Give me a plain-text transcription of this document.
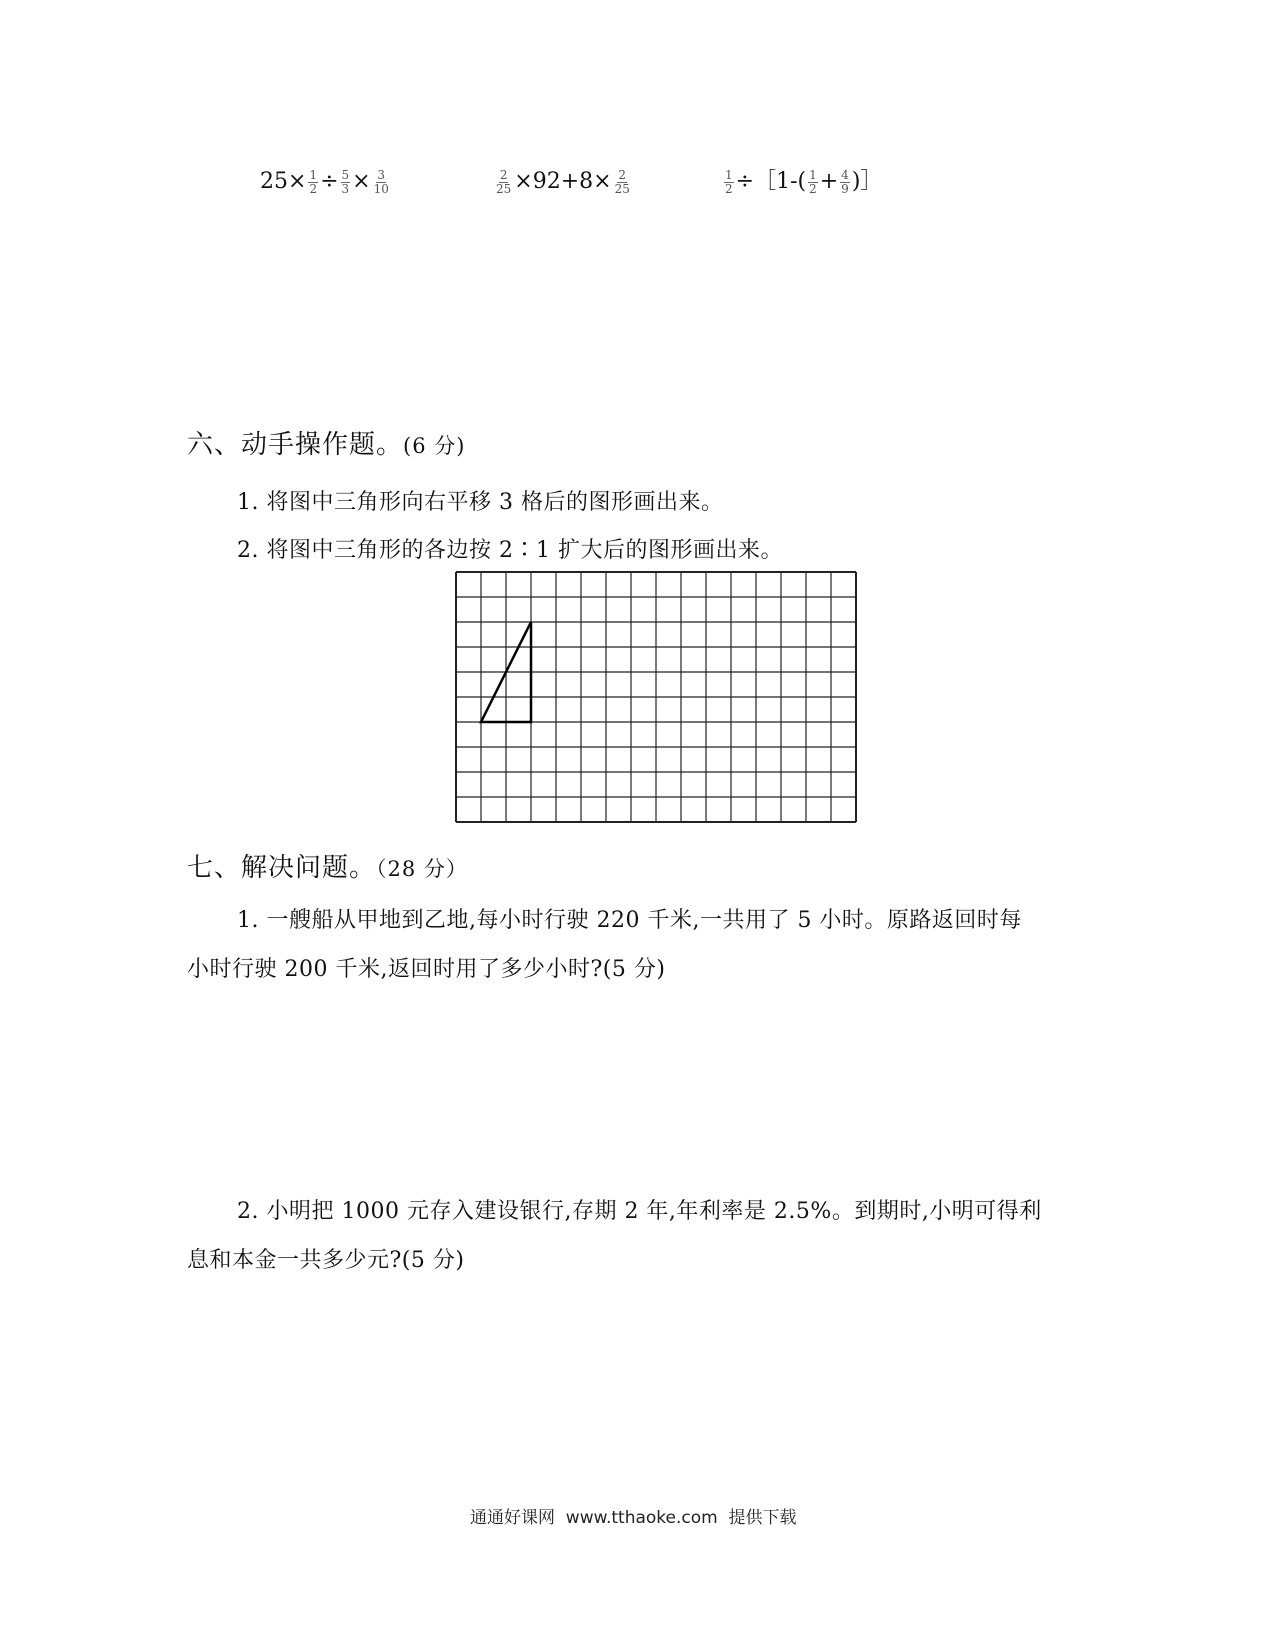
$25\times \frac{1}{2} \div \frac{5}{3} \times \frac{3}{10}$	$\frac{2}{25} \times 92+8\times \frac{2}{25}$	$\frac{1}{2}$ ÷［1-( $\frac{1}{2} + \frac{4}{9}$ )］
六、动手操作题。(6 分)
1. 将图中三角形向右平移 3 格后的图形画出来。
2. 将图中三角形的各边按 2∶1 扩大后的图形画出来。
七、解决问题。（28 分）
1. 一艘船从甲地到乙地,每小时行驶 220 千米,一共用了 5 小时。原路返回时每
小时行驶 200 千米,返回时用了多少小时?(5 分)
2. 小明把 1000 元存入建设银行,存期 2 年,年利率是 2.5%。到期时,小明可得利
息和本金一共多少元?(5 分)
通通好课网  www.tthaoke.com  提供下载
